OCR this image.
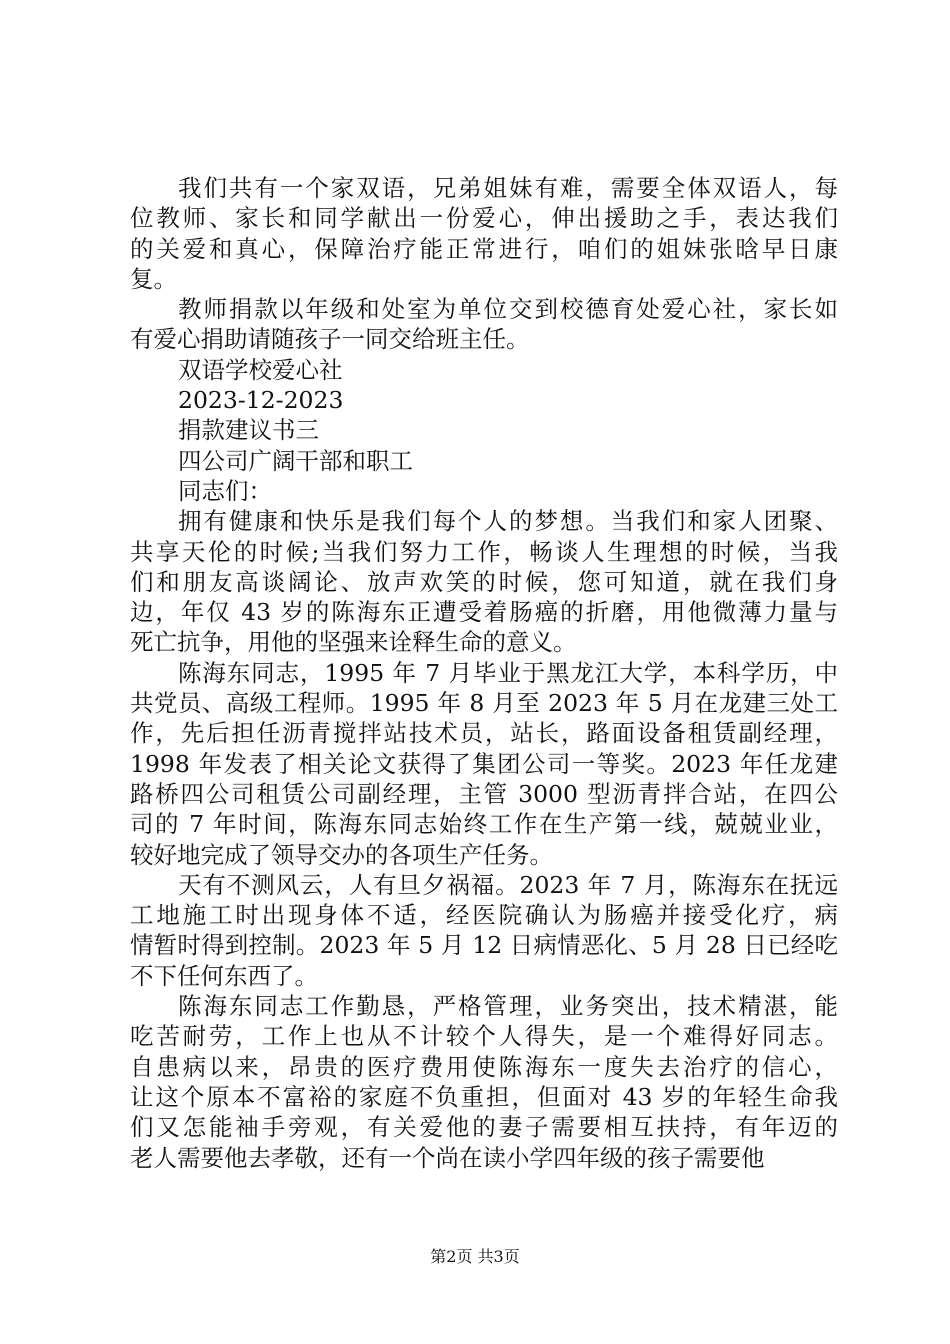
我们共有一个家双语，兄弟姐妹有难，需要全体双语人，每
位教师、家长和同学献出一份爱心，伸出援助之手，表达我们
的关爱和真心，保障治疗能正常进行，咱们的姐妹张晗早日康
复。
教师捐款以年级和处室为单位交到校德育处爱心社，家长如
有爱心捐助请随孩子一同交给班主任。
双语学校爱心社
2023-12-2023
捐款建议书三
四公司广阔干部和职工
同志们：
拥有健康和快乐是我们每个人的梦想。当我们和家人团聚、
共享天伦的时候;当我们努力工作，畅谈人生理想的时候，当我
们和朋友高谈阔论、放声欢笑的时候，您可知道，就在我们身
边，年仅 43 岁的陈海东正遭受着肠癌的折磨，用他微薄力量与
死亡抗争，用他的坚强来诠释生命的意义。
陈海东同志，1995 年 7 月毕业于黑龙江大学，本科学历，中
共党员、高级工程师。1995 年 8 月至 2023 年 5 月在龙建三处工
作，先后担任沥青搅拌站技术员，站长，路面设备租赁副经理，
1998 年发表了相关论文获得了集团公司一等奖。2023 年任龙建
路桥四公司租赁公司副经理，主管 3000 型沥青拌合站，在四公
司的 7 年时间，陈海东同志始终工作在生产第一线，兢兢业业，
较好地完成了领导交办的各项生产任务。
天有不测风云，人有旦夕祸福。2023 年 7 月，陈海东在抚远
工地施工时出现身体不适，经医院确认为肠癌并接受化疗，病
情暂时得到控制。2023 年 5 月 12 日病情恶化、5 月 28 日已经吃
不下任何东西了。
陈海东同志工作勤恳，严格管理，业务突出，技术精湛，能
吃苦耐劳，工作上也从不计较个人得失，是一个难得好同志。
自患病以来，昂贵的医疗费用使陈海东一度失去治疗的信心，
让这个原本不富裕的家庭不负重担，但面对 43 岁的年轻生命我
们又怎能袖手旁观，有关爱他的妻子需要相互扶持，有年迈的
老人需要他去孝敬，还有一个尚在读小学四年级的孩子需要他
第2页 共3页
